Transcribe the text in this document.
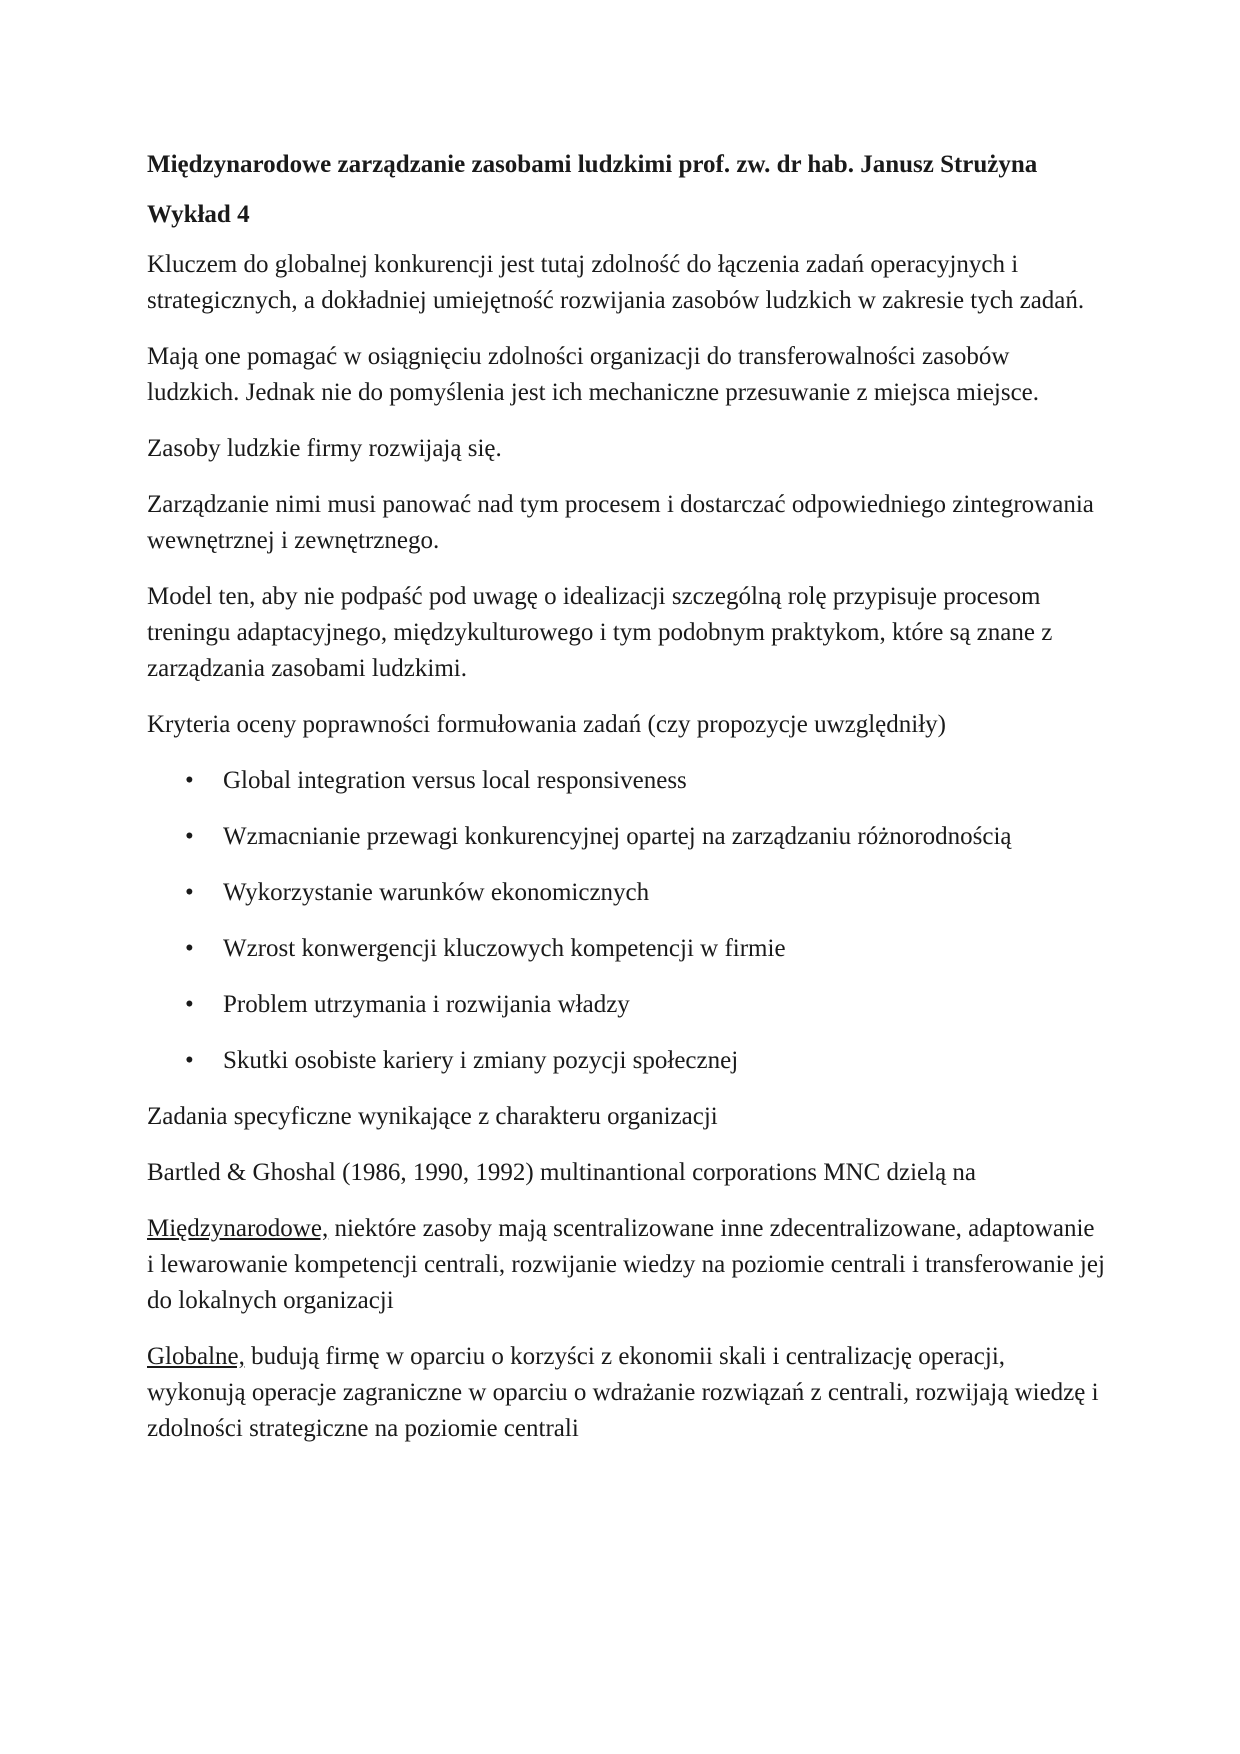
Międzynarodowe zarządzanie zasobami ludzkimi prof. zw. dr hab. Janusz Strużyna
Wykład 4

Kluczem do globalnej konkurencji jest tutaj zdolność do łączenia zadań operacyjnych i strategicznych, a dokładniej umiejętność rozwijania zasobów ludzkich w zakresie tych zadań.

Mają one pomagać w osiągnięciu zdolności organizacji do transferowalności zasobów ludzkich. Jednak nie do pomyślenia jest ich mechaniczne przesuwanie z miejsca miejsce.

Zasoby ludzkie firmy rozwijają się.

Zarządzanie nimi musi panować nad tym procesem i dostarczać odpowiedniego zintegrowania wewnętrznej i zewnętrznego.

Model ten, aby nie podpaść pod uwagę o idealizacji szczególną rolę przypisuje procesom treningu adaptacyjnego, międzykulturowego i tym podobnym praktykom, które są znane z zarządzania zasobami ludzkimi.

Kryteria oceny poprawności formułowania zadań (czy propozycje uwzględniły)

• Global integration versus local responsiveness
• Wzmacnianie przewagi konkurencyjnej opartej na zarządzaniu różnorodnością
• Wykorzystanie warunków ekonomicznych
• Wzrost konwergencji kluczowych kompetencji w firmie
• Problem utrzymania i rozwijania władzy
• Skutki osobiste kariery i zmiany pozycji społecznej

Zadania specyficzne wynikające z charakteru organizacji

Bartled & Ghoshal (1986, 1990, 1992) multinantional corporations MNC dzielą na

Międzynarodowe, niektóre zasoby mają scentralizowane inne zdecentralizowane, adaptowanie i lewarowanie kompetencji centrali, rozwijanie wiedzy na poziomie centrali i transferowanie jej do lokalnych organizacji

Globalne, budują firmę w oparciu o korzyści z ekonomii skali i centralizację operacji, wykonują operacje zagraniczne w oparciu o wdrażanie rozwiązań z centrali, rozwijają wiedzę i zdolności strategiczne na poziomie centrali
